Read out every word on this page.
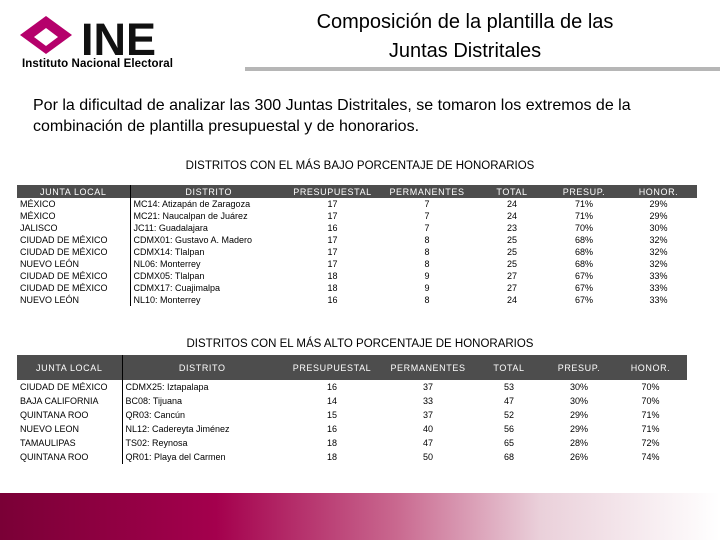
INE
Instituto Nacional Electoral
Composición de la plantilla de las
Juntas Distritales
Por la dificultad de analizar las 300 Juntas Distritales, se tomaron los extremos de la combinación de plantilla presupuestal y de honorarios.
DISTRITOS CON EL MÁS BAJO PORCENTAJE DE HONORARIOS
JUNTA LOCAL	DISTRITO	PRESUPUESTAL	PERMANENTES	TOTAL	PRESUP.	HONOR.
MÉXICO	MC14: Atizapán de Zaragoza	17	7	24	71%	29%
MÉXICO	MC21: Naucalpan de Juárez	17	7	24	71%	29%
JALISCO	JC11: Guadalajara	16	7	23	70%	30%
CIUDAD DE MÉXICO	CDMX01: Gustavo A. Madero	17	8	25	68%	32%
CIUDAD DE MÉXICO	CDMX14: Tlalpan	17	8	25	68%	32%
NUEVO LEÓN	NL06: Monterrey	17	8	25	68%	32%
CIUDAD DE MÉXICO	CDMX05: Tlalpan	18	9	27	67%	33%
CIUDAD DE MÉXICO	CDMX17: Cuajimalpa	18	9	27	67%	33%
NUEVO LEÓN	NL10: Monterrey	16	8	24	67%	33%
DISTRITOS CON EL MÁS ALTO PORCENTAJE DE HONORARIOS
JUNTA LOCAL	DISTRITO	PRESUPUESTAL	PERMANENTES	TOTAL	PRESUP.	HONOR.
CIUDAD DE MÉXICO	CDMX25: Iztapalapa	16	37	53	30%	70%
BAJA CALIFORNIA	BC08: Tijuana	14	33	47	30%	70%
QUINTANA ROO	QR03: Cancún	15	37	52	29%	71%
NUEVO LEON	NL12: Cadereyta Jiménez	16	40	56	29%	71%
TAMAULIPAS	TS02: Reynosa	18	47	65	28%	72%
QUINTANA ROO	QR01: Playa del Carmen	18	50	68	26%	74%
